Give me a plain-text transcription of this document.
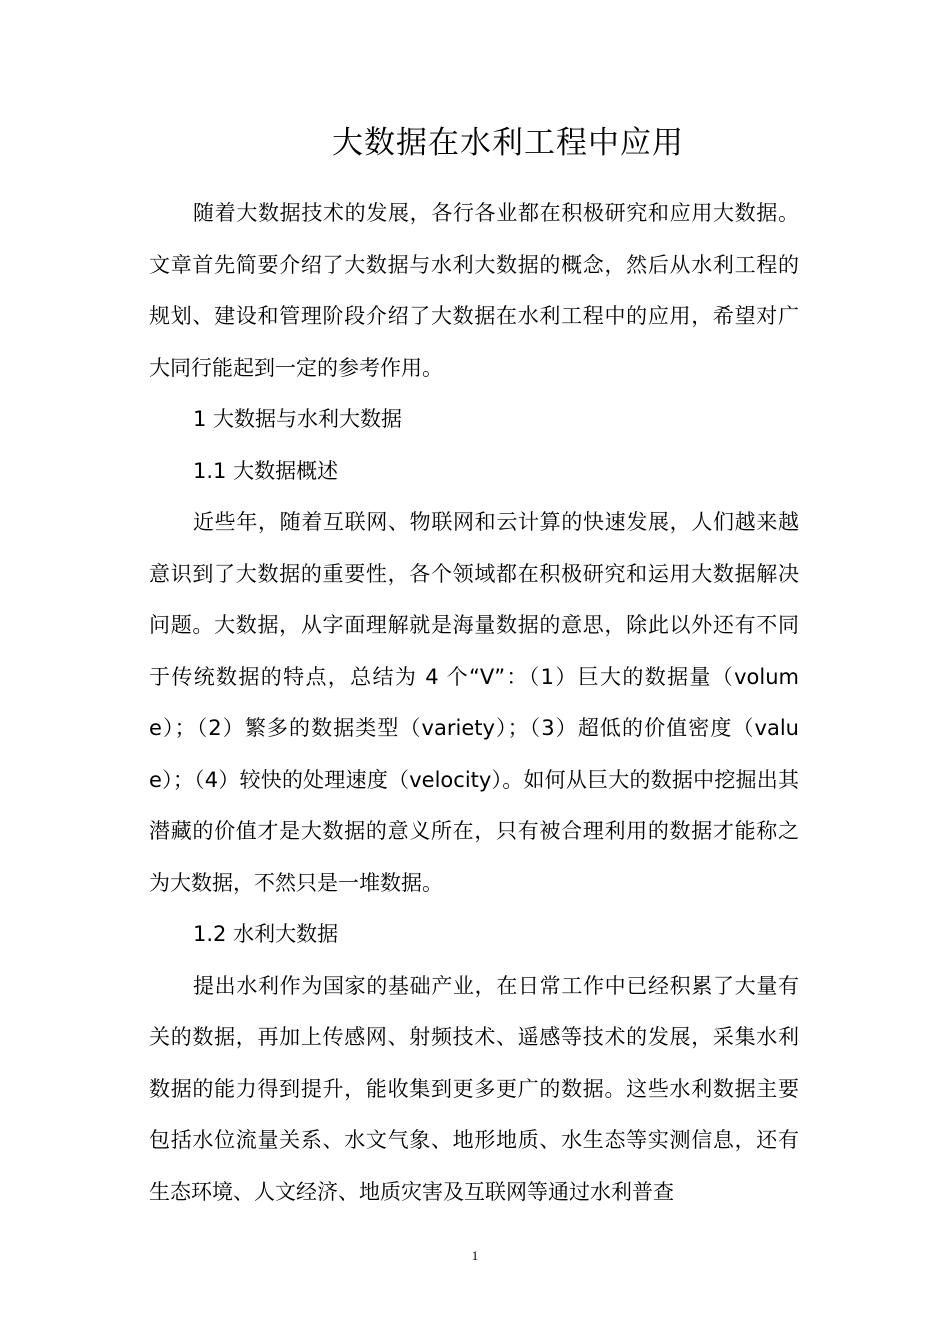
大数据在水利工程中应用

随着大数据技术的发展，各行各业都在积极研究和应用大数据。文章首先简要介绍了大数据与水利大数据的概念，然后从水利工程的规划、建设和管理阶段介绍了大数据在水利工程中的应用，希望对广大同行能起到一定的参考作用。

1 大数据与水利大数据

1.1 大数据概述

近些年，随着互联网、物联网和云计算的快速发展，人们越来越意识到了大数据的重要性，各个领域都在积极研究和运用大数据解决问题。大数据，从字面理解就是海量数据的意思，除此以外还有不同于传统数据的特点，总结为 4 个“V”：（1）巨大的数据量（volume）；（2）繁多的数据类型（variety）；（3）超低的价值密度（value）；（4）较快的处理速度（velocity）。如何从巨大的数据中挖掘出其潜藏的价值才是大数据的意义所在，只有被合理利用的数据才能称之为大数据，不然只是一堆数据。

1.2 水利大数据

提出水利作为国家的基础产业，在日常工作中已经积累了大量有关的数据，再加上传感网、射频技术、遥感等技术的发展，采集水利数据的能力得到提升，能收集到更多更广的数据。这些水利数据主要包括水位流量关系、水文气象、地形地质、水生态等实测信息，还有生态环境、人文经济、地质灾害及互联网等通过水利普查

1
